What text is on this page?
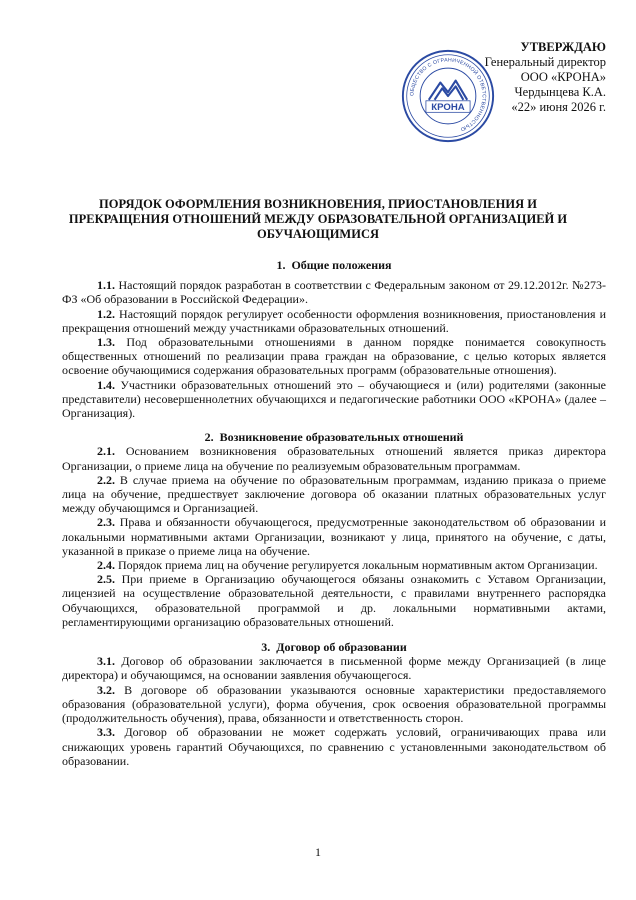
УТВЕРЖДАЮ
Генеральный директор
ООО «КРОНА»
Чердынцева К.А.
«22» июня 2026 г.
ОБЩЕСТВО С ОГРАНИЧЕННОЙ ОТВЕТСТВЕННОСТЬЮ
КРОНА
ПОРЯДОК ОФОРМЛЕНИЯ ВОЗНИКНОВЕНИЯ, ПРИОСТАНОВЛЕНИЯ И
ПРЕКРАЩЕНИЯ ОТНОШЕНИЙ МЕЖДУ ОБРАЗОВАТЕЛЬНОЙ ОРГАНИЗАЦИЕЙ И
ОБУЧАЮЩИМИСЯ

1. Общие положения

1.1. Настоящий порядок разработан в соответствии с Федеральным законом от 29.12.2012г. №273-ФЗ «Об образовании в Российской Федерации».

1.2. Настоящий порядок регулирует особенности оформления возникновения, приостановления и прекращения отношений между участниками образовательных отношений.

1.3. Под образовательными отношениями в данном порядке понимается совокупность общественных отношений по реализации права граждан на образование, с целью которых является освоение обучающимися содержания образовательных программ (образовательные отношения).

1.4. Участники образовательных отношений это – обучающиеся и (или) родителями (законные представители) несовершеннолетних обучающихся и педагогические работники ООО «КРОНА» (далее – Организация).

2. Возникновение образовательных отношений

2.1. Основанием возникновения образовательных отношений является приказ директора Организации, о приеме лица на обучение по реализуемым образовательным программам.

2.2. В случае приема на обучение по образовательным программам, изданию приказа о приеме лица на обучение, предшествует заключение договора об оказании платных образовательных услуг между обучающимся и Организацией.

2.3. Права и обязанности обучающегося, предусмотренные законодательством об образовании и локальными нормативными актами Организации, возникают у лица, принятого на обучение, с даты, указанной в приказе о приеме лица на обучение.

2.4. Порядок приема лиц на обучение регулируется локальным нормативным актом Организации.

2.5. При приеме в Организацию обучающегося обязаны ознакомить с Уставом Организации, лицензией на осуществление образовательной деятельности, с правилами внутреннего распорядка Обучающихся, образовательной программой и др. локальными нормативными актами, регламентирующими организацию образовательных отношений.

3. Договор об образовании

3.1. Договор об образовании заключается в письменной форме между Организацией (в лице директора) и обучающимся, на основании заявления обучающегося.

3.2. В договоре об образовании указываются основные характеристики предоставляемого образования (образовательной услуги), форма обучения, срок освоения образовательной программы (продолжительность обучения), права, обязанности и ответственность сторон.

3.3. Договор об образовании не может содержать условий, ограничивающих права или снижающих уровень гарантий Обучающихся, по сравнению с установленными законодательством об образовании.

1
